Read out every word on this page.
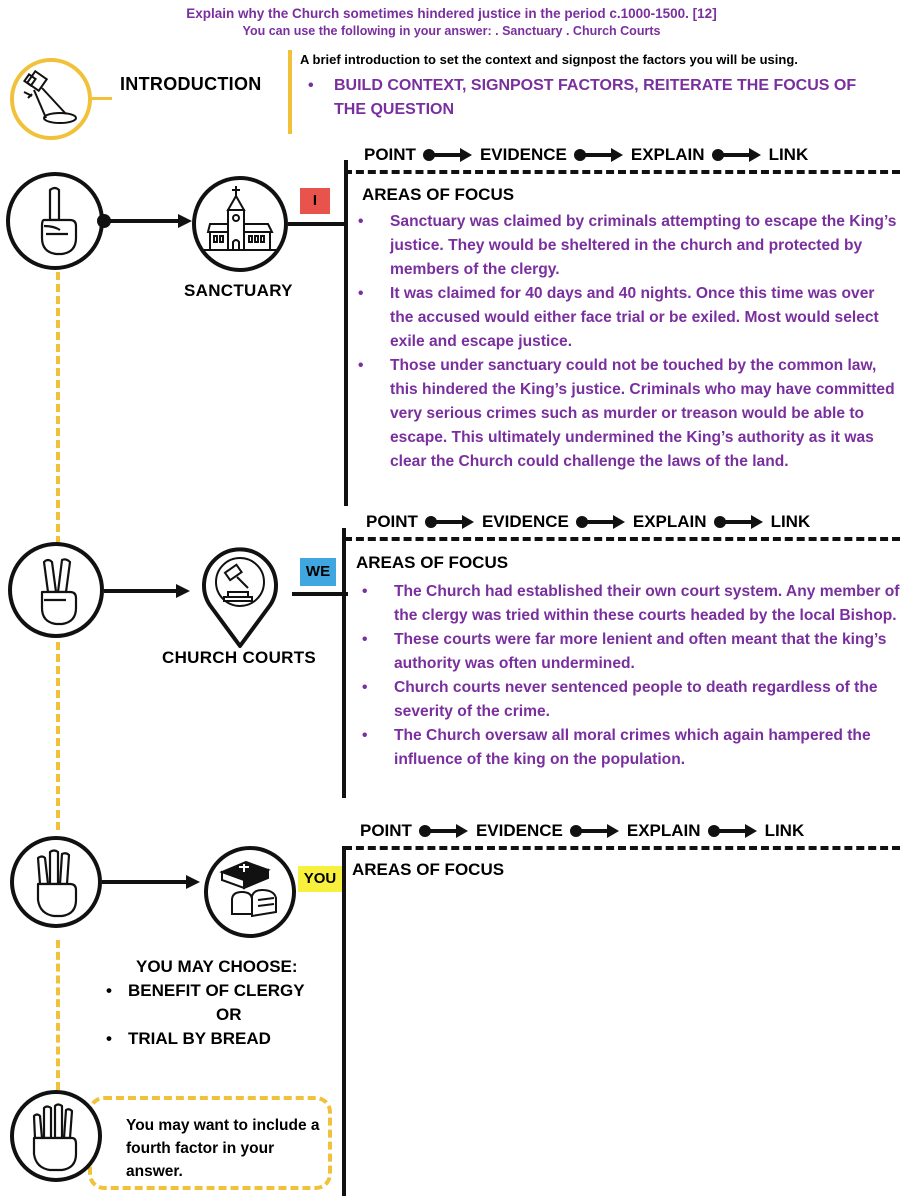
Explain why the Church sometimes hindered justice in the period c.1000-1500. [12]
You can use the following in your answer: . Sanctuary . Church Courts
INTRODUCTION
A brief introduction to set the context and signpost the factors you will be using.
• BUILD CONTEXT, SIGNPOST FACTORS, REITERATE THE FOCUS OF THE QUESTION
POINT	EVIDENCE	EXPLAIN	LINK
SANCTUARY
I	AREAS OF FOCUS
• Sanctuary was claimed by criminals attempting to escape the King’s justice. They would be sheltered in the church and protected by members of the clergy.
• It was claimed for 40 days and 40 nights. Once this time was over the accused would either face trial or be exiled. Most would select exile and escape justice.
• Those under sanctuary could not be touched by the common law, this hindered the King’s justice. Criminals who may have committed very serious crimes such as murder or treason would be able to escape. This ultimately undermined the King’s authority as it was clear the Church could challenge the laws of the land.
POINT	EVIDENCE	EXPLAIN	LINK
CHURCH COURTS
WE	AREAS OF FOCUS
• The Church had established their own court system. Any member of the clergy was tried within these courts headed by the local Bishop.
• These courts were far more lenient and often meant that the king’s authority was often undermined.
• Church courts never sentenced people to death regardless of the severity of the crime.
• The Church oversaw all moral crimes which again hampered the influence of the king on the population.
POINT	EVIDENCE	EXPLAIN	LINK
YOU AREAS OF FOCUS
YOU MAY CHOOSE:
• BENEFIT OF CLERGY
OR
• TRIAL BY BREAD
You may want to include a fourth factor in your answer.
